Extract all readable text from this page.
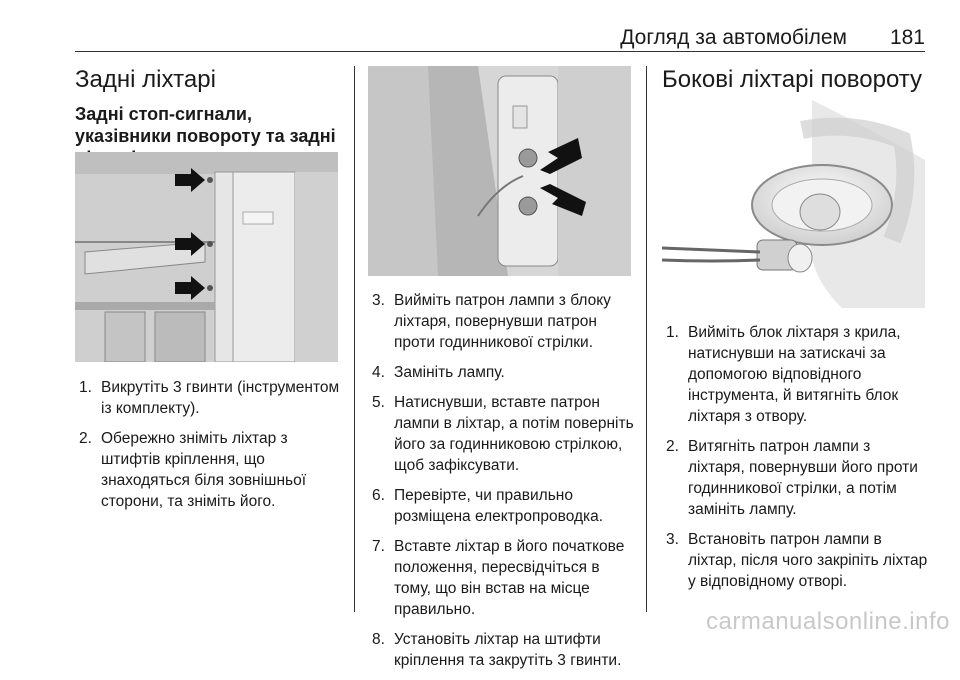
Догляд за автомобілем 181
Задні ліхтарі
Задні стоп-сигнали, указівники повороту та задні
1. Викрутіть 3 гвинти (інструментом із комплекту).
2. Обережно зніміть ліхтар з штифтів кріплення, що знаходяться біля зовнішньої сторони, та зніміть його.
3. Вийміть патрон лампи з блоку ліхтаря, повернувши патрон проти годинникової стрілки.
4. Замініть лампу.
5. Натиснувши, вставте патрон лампи в ліхтар, а потім поверніть його за годинниковою стрілкою, щоб зафіксувати.
6. Перевірте, чи правильно розміщена електропроводка.
7. Вставте ліхтар в його початкове положення, пересвідчіться в тому, що він встав на місце правильно.
8. Установіть ліхтар на штифти кріплення та закрутіть 3 гвинти.
Бокові ліхтарі повороту
1. Вийміть блок ліхтаря з крила, натиснувши на затискачі за допомогою відповідного інструмента, й витягніть блок ліхтаря з отвору.
2. Витягніть патрон лампи з ліхтаря, повернувши його проти годинникової стрілки, а потім замініть лампу.
3. Встановіть патрон лампи в ліхтар, після чого закріпіть ліхтар у відповідному отворі.
carmanualsonline.info
